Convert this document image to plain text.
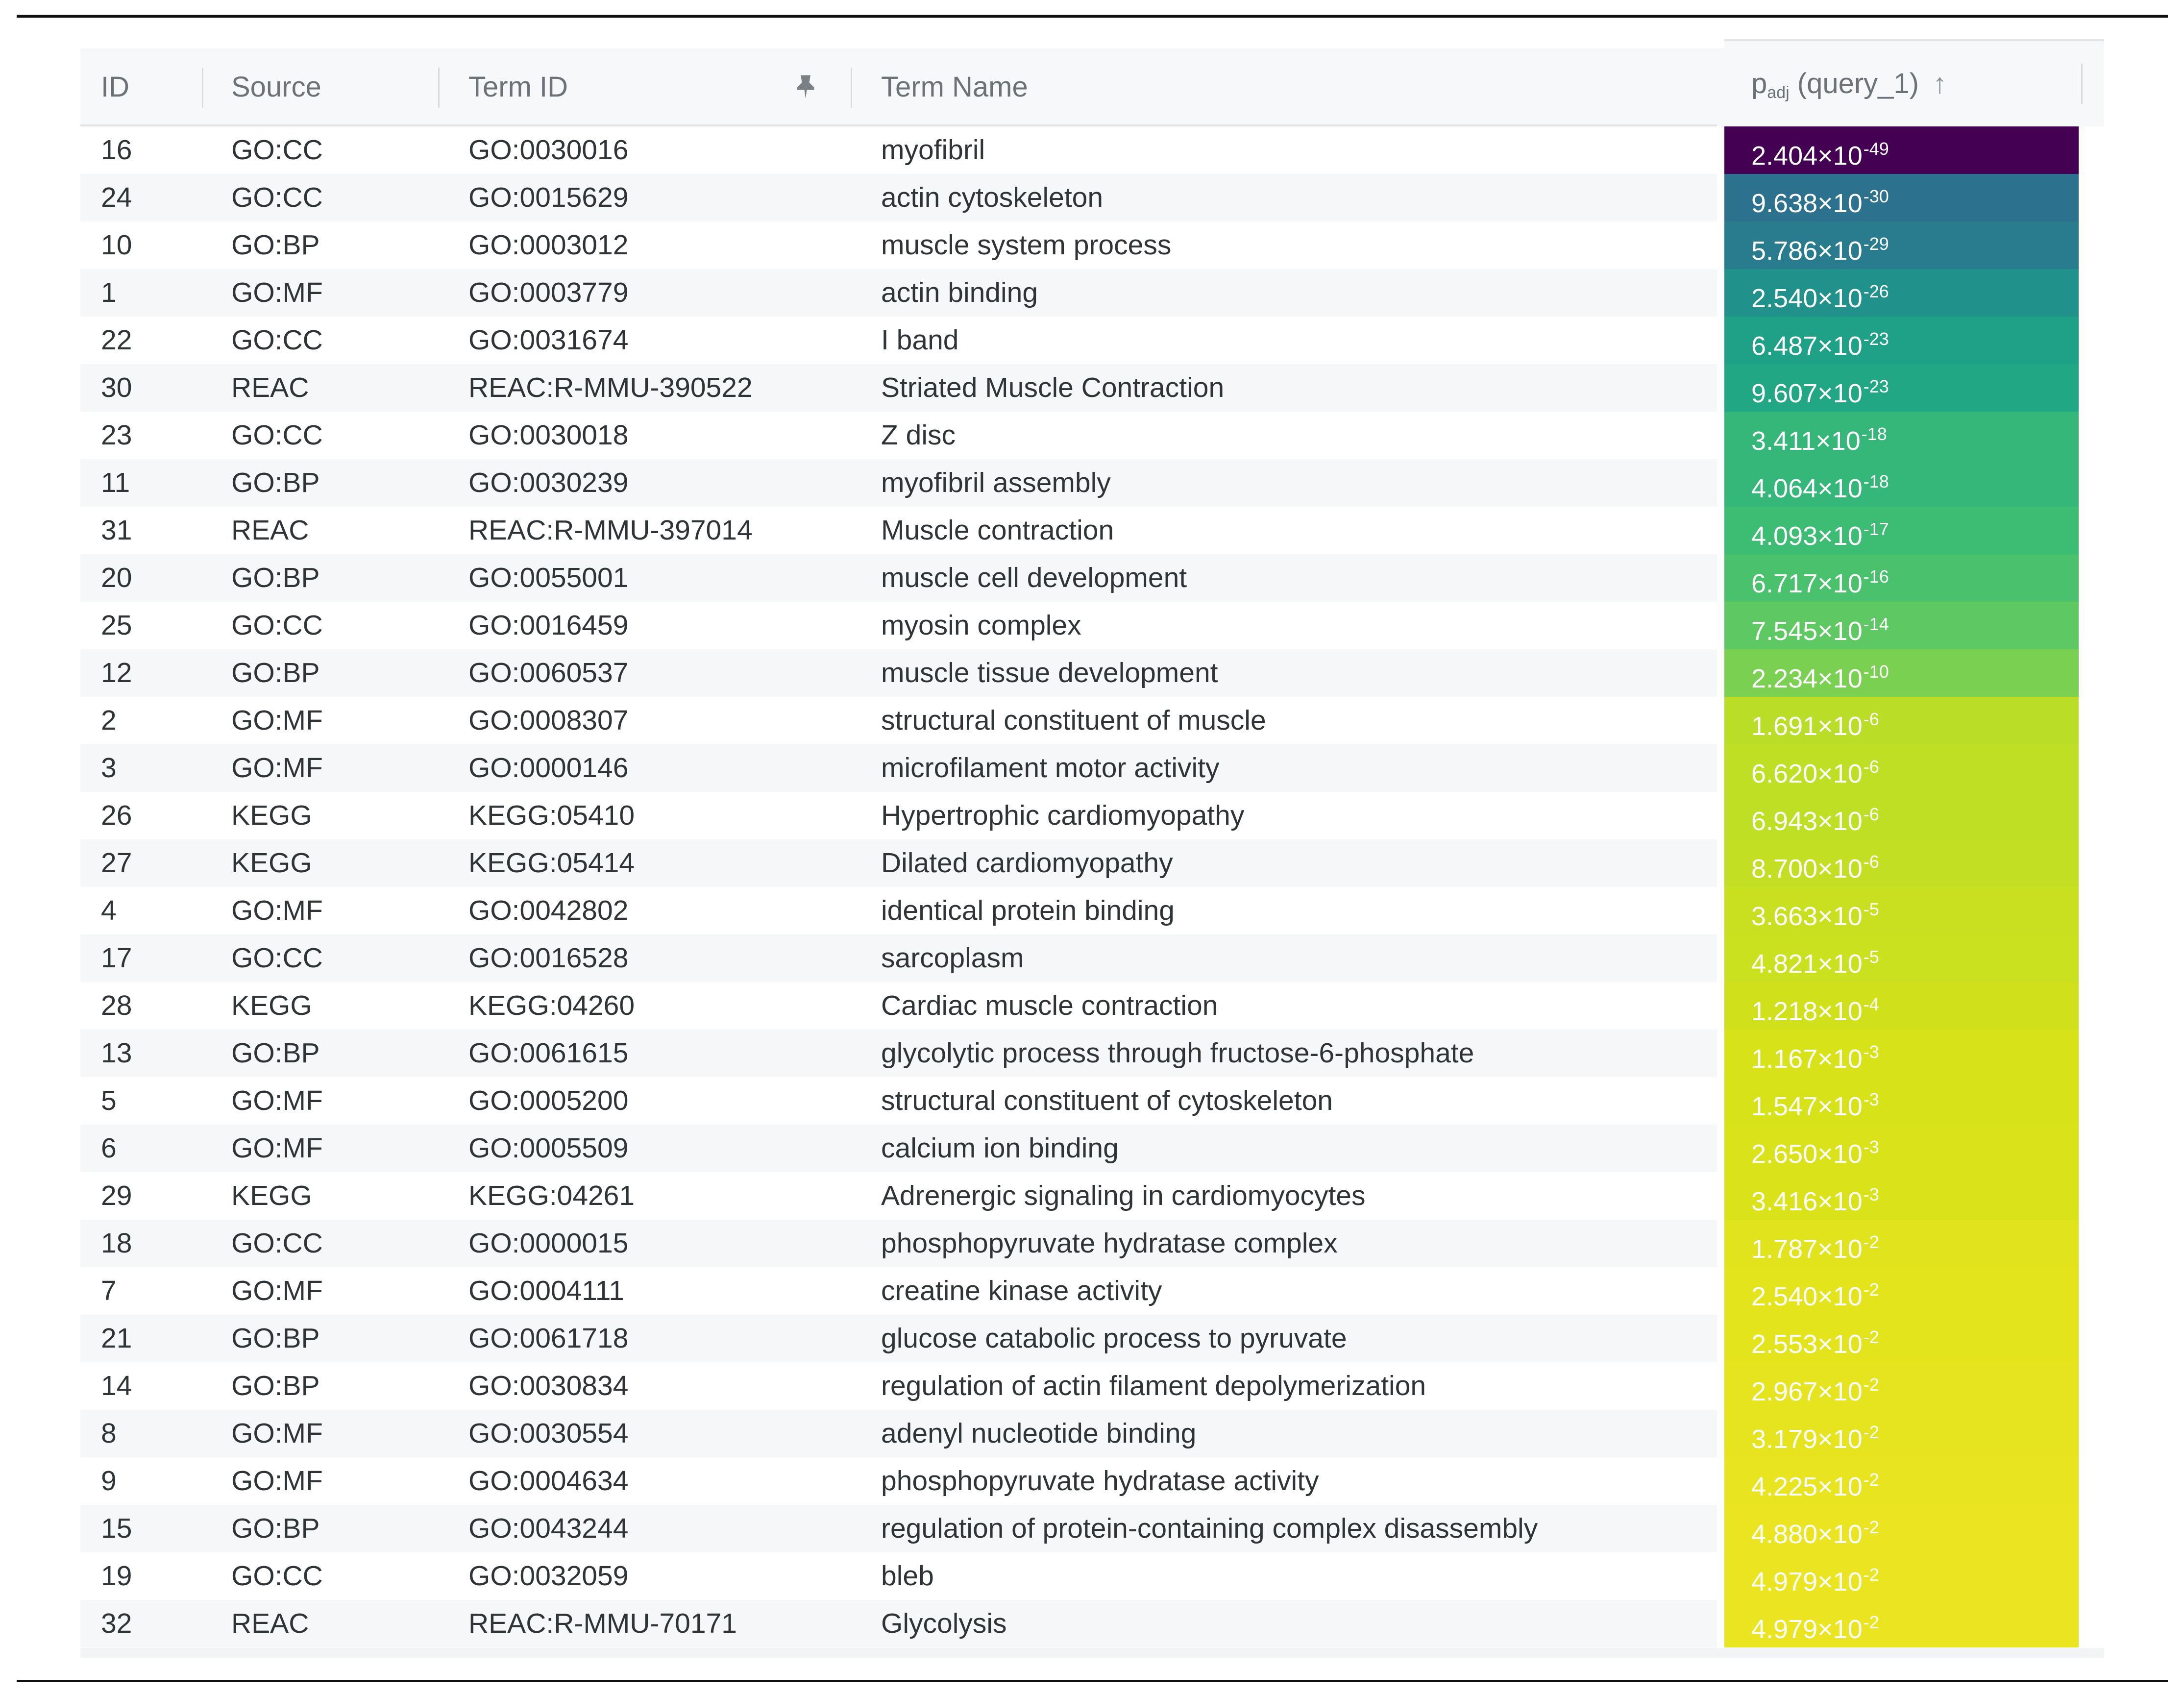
ID	Source	Term ID	Term Name	$p_{adj}$ (query_1) ↑
16	GO:CC	GO:0030016	myofibril	$2.404\times 10^{-49}$
24	GO:CC	GO:0015629	actin cytoskeleton	$9.638\times 10^{-30}$
10	GO:BP	GO:0003012	muscle system process	$5.786\times 10^{-29}$
1	GO:MF	GO:0003779	actin binding	$2.540\times 10^{-26}$
22	GO:CC	GO:0031674	I band	$6.487\times 10^{-23}$
30	REAC	REAC:R-MMU-390522	Striated Muscle Contraction	$9.607\times 10^{-23}$
23	GO:CC	GO:0030018	Z disc	$3.411\times 10^{-18}$
11	GO:BP	GO:0030239	myofibril assembly	$4.064\times 10^{-18}$
31	REAC	REAC:R-MMU-397014	Muscle contraction	$4.093\times 10^{-17}$
20	GO:BP	GO:0055001	muscle cell development	$6.717\times 10^{-16}$
25	GO:CC	GO:0016459	myosin complex	$7.545\times 10^{-14}$
12	GO:BP	GO:0060537	muscle tissue development	$2.234\times 10^{-10}$
2	GO:MF	GO:0008307	structural constituent of muscle	$1.691\times 10^{-6}$
3	GO:MF	GO:0000146	microfilament motor activity	$6.620\times 10^{-6}$
26	KEGG	KEGG:05410	Hypertrophic cardiomyopathy	$6.943\times 10^{-6}$
27	KEGG	KEGG:05414	Dilated cardiomyopathy	$8.700\times 10^{-6}$
4	GO:MF	GO:0042802	identical protein binding	$3.663\times 10^{-5}$
17	GO:CC	GO:0016528	sarcoplasm	$4.821\times 10^{-5}$
28	KEGG	KEGG:04260	Cardiac muscle contraction	$1.218\times 10^{-4}$
13	GO:BP	GO:0061615	glycolytic process through fructose-6-phosphate	$1.167\times 10^{-3}$
5	GO:MF	GO:0005200	structural constituent of cytoskeleton	$1.547\times 10^{-3}$
6	GO:MF	GO:0005509	calcium ion binding	$2.650\times 10^{-3}$
29	KEGG	KEGG:04261	Adrenergic signaling in cardiomyocytes	$3.416\times 10^{-3}$
18	GO:CC	GO:0000015	phosphopyruvate hydratase complex	$1.787\times 10^{-2}$
7	GO:MF	GO:0004111	creatine kinase activity	$2.540\times 10^{-2}$
21	GO:BP	GO:0061718	glucose catabolic process to pyruvate	$2.553\times 10^{-2}$
14	GO:BP	GO:0030834	regulation of actin filament depolymerization	$2.967\times 10^{-2}$
8	GO:MF	GO:0030554	adenyl nucleotide binding	$3.179\times 10^{-2}$
9	GO:MF	GO:0004634	phosphopyruvate hydratase activity	$4.225\times 10^{-2}$
15	GO:BP	GO:0043244	regulation of protein-containing complex disassembly	$4.880\times 10^{-2}$
19	GO:CC	GO:0032059	bleb	$4.979\times 10^{-2}$
32	REAC	REAC:R-MMU-70171	Glycolysis	$4.979\times 10^{-2}$
